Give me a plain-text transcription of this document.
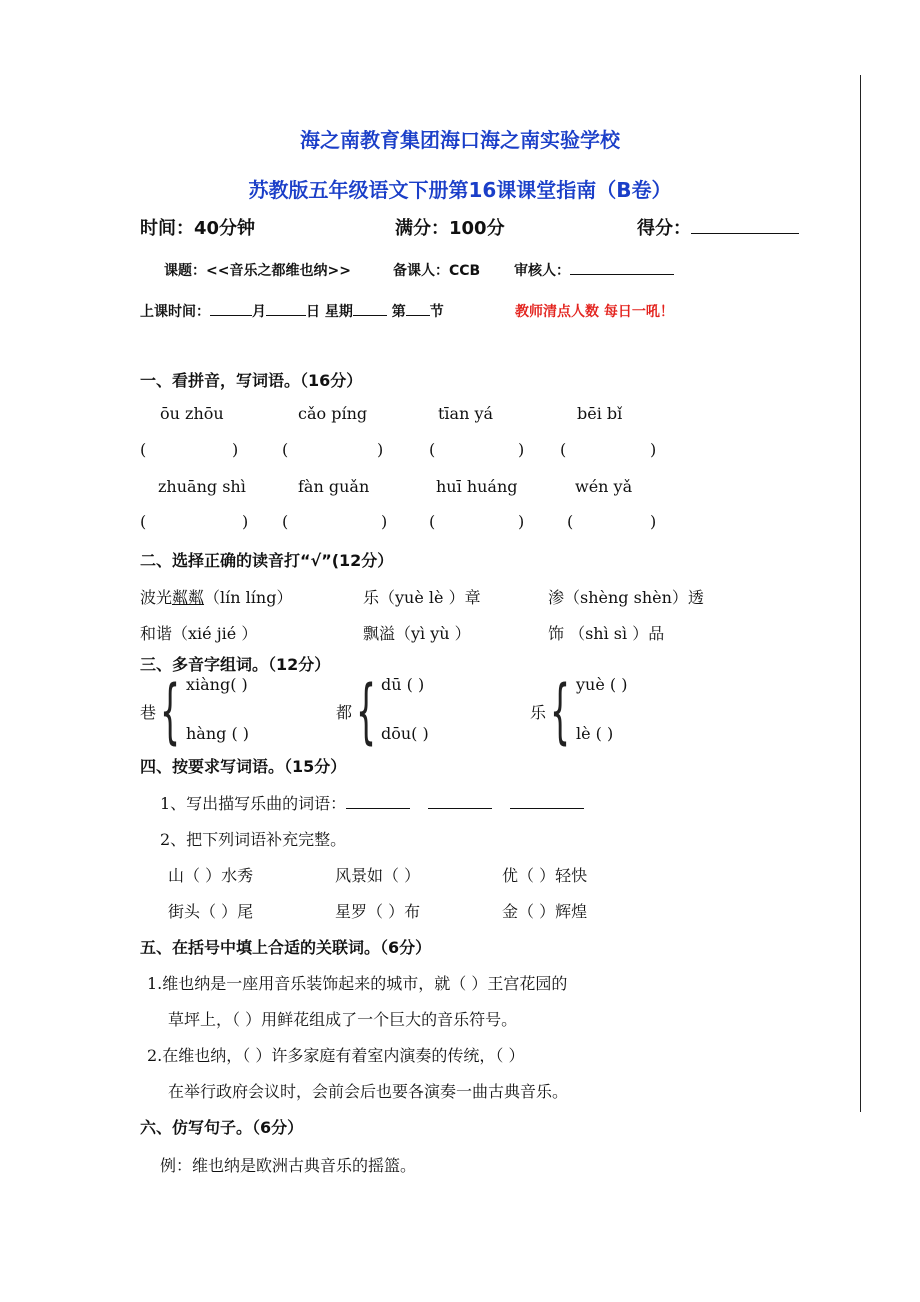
海之南教育集团海口海之南实验学校
苏教版五年级语文下册第16课课堂指南（B卷）
时间：40分钟	满分：100分	得分：
课题：<<音乐之都维也纳>>	备课人：CCB 审核人：
上课时间：	月	日 星期	第 节	教师清点人数 每日一吼！
一、看拼音，写词语。（16分）
ōu zhōu	cǎo píng	tīan yá	bēi bǐ
(	)	(	)	(	) (	)
zhuāng shì	fàn guǎn	huī huáng	wén yǎ
(	) (	)	(	)	(	)
二、选择正确的读音打“√”(12分）
波光粼粼（lín líng）	乐（yuè lè ）章	渗（shèng shèn）透
和谐（xié jié ）	飘溢（yì yù ）	饰 （shì sì ）品
三、多音字组词。（12分）
巷 { xiàng( )
hàng ( )
都 { dū ( )
dōu( )
乐 { yuè ( )
lè ( )
四、按要求写词语。（15分）
1、写出描写乐曲的词语：
2、把下列词语补充完整。
山（ ）水秀	风景如（ ）	优（ ）轻快
街头（ ）尾	星罗（ ）布	金（ ）辉煌
五、在括号中填上合适的关联词。（6分）
1.维也纳是一座用音乐装饰起来的城市，就（ ）王宫花园的
草坪上，（ ）用鲜花组成了一个巨大的音乐符号。
2.在维也纳，（ ）许多家庭有着室内演奏的传统，（ ）
在举行政府会议时，会前会后也要各演奏一曲古典音乐。
六、仿写句子。（6分）
例：维也纳是欧洲古典音乐的摇篮。
